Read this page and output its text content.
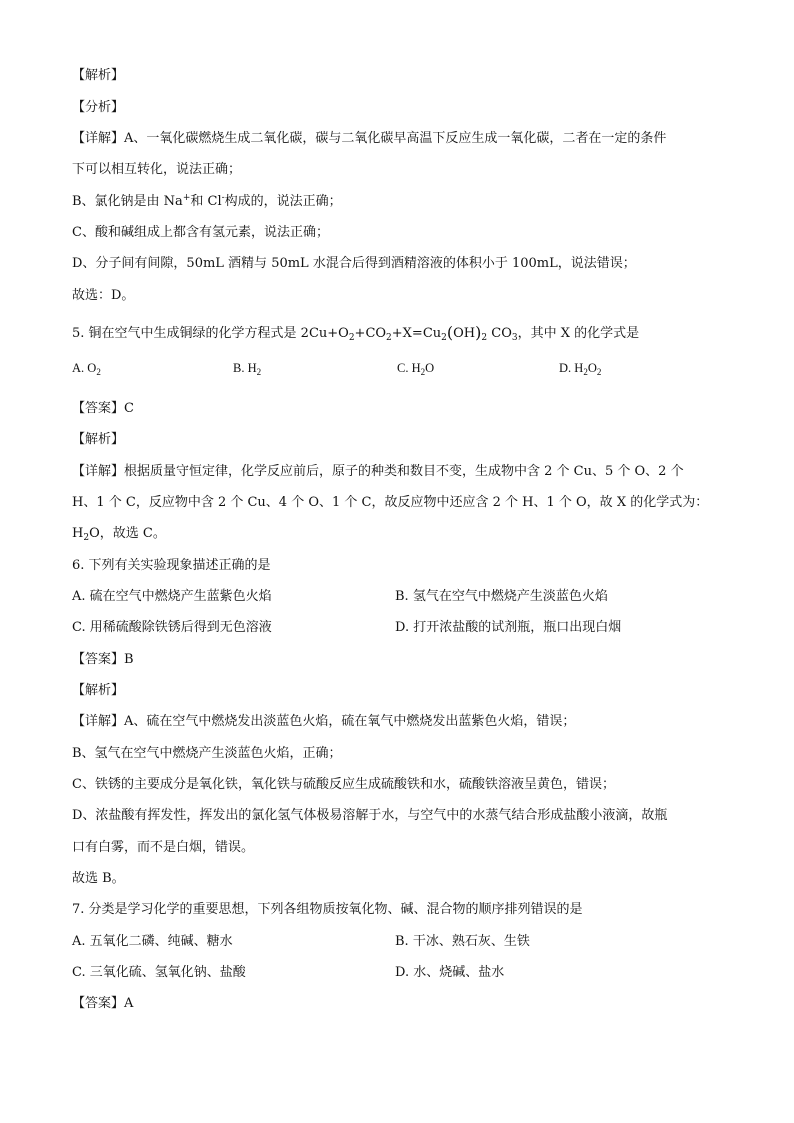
【解析】
【分析】
【详解】A、一氧化碳燃烧生成二氧化碳，碳与二氧化碳早高温下反应生成一氧化碳，二者在一定的条件
下可以相互转化，说法正确；
B、氯化钠是由 Na+和 Cl-构成的，说法正确；
C、酸和碱组成上都含有氢元素，说法正确；
D、分子间有间隙，50mL 酒精与 50mL 水混合后得到酒精溶液的体积小于 100mL，说法错误；
故选：D。
5. 铜在空气中生成铜绿的化学方程式是 $2Cu+O_2+CO_2+X=Cu_2(OH)_2$ $CO_3$，其中 X 的化学式是
A. $O_2$	B. $H_2$	C. $H_2O$	D. $H_2O_2$
【答案】C
【解析】
【详解】根据质量守恒定律，化学反应前后，原子的种类和数目不变，生成物中含 2 个 Cu、5 个 O、2 个
H、1 个 C，反应物中含 2 个 Cu、4 个 O、1 个 C，故反应物中还应含 2 个 H、1 个 O，故 X 的化学式为：
$H_2O$，故选 C。
6. 下列有关实验现象描述正确的是
A. 硫在空气中燃烧产生蓝紫色火焰	B. 氢气在空气中燃烧产生淡蓝色火焰
C. 用稀硫酸除铁锈后得到无色溶液	D. 打开浓盐酸的试剂瓶，瓶口出现白烟
【答案】B
【解析】
【详解】A、硫在空气中燃烧发出淡蓝色火焰，硫在氧气中燃烧发出蓝紫色火焰，错误；
B、氢气在空气中燃烧产生淡蓝色火焰，正确；
C、铁锈的主要成分是氧化铁，氧化铁与硫酸反应生成硫酸铁和水，硫酸铁溶液呈黄色，错误；
D、浓盐酸有挥发性，挥发出的氯化氢气体极易溶解于水，与空气中的水蒸气结合形成盐酸小液滴，故瓶
口有白雾，而不是白烟，错误。
故选 B。
7. 分类是学习化学的重要思想，下列各组物质按氧化物、碱、混合物的顺序排列错误的是
A. 五氧化二磷、纯碱、糖水	B. 干冰、熟石灰、生铁
C. 三氧化硫、氢氧化钠、盐酸	D. 水、烧碱、盐水
【答案】A
